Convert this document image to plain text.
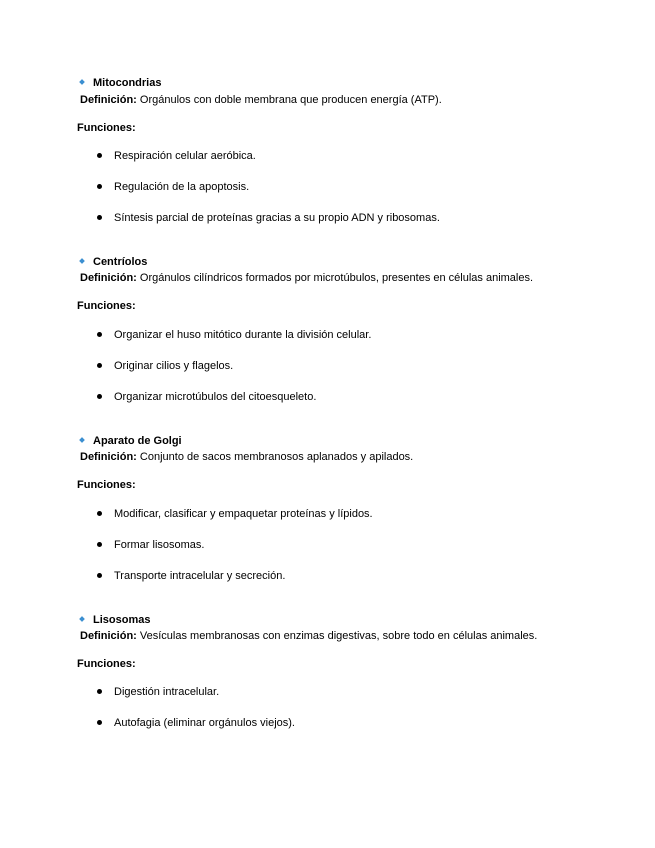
Mitocondrias
Definición: Orgánulos con doble membrana que producen energía (ATP).
Funciones:
Respiración celular aeróbica.
Regulación de la apoptosis.
Síntesis parcial de proteínas gracias a su propio ADN y ribosomas.
Centríolos
Definición: Orgánulos cilíndricos formados por microtúbulos, presentes en células animales.
Funciones:
Organizar el huso mitótico durante la división celular.
Originar cilios y flagelos.
Organizar microtúbulos del citoesqueleto.
Aparato de Golgi
Definición: Conjunto de sacos membranosos aplanados y apilados.
Funciones:
Modificar, clasificar y empaquetar proteínas y lípidos.
Formar lisosomas.
Transporte intracelular y secreción.
Lisosomas
Definición: Vesículas membranosas con enzimas digestivas, sobre todo en células animales.
Funciones:
Digestión intracelular.
Autofagia (eliminar orgánulos viejos).
